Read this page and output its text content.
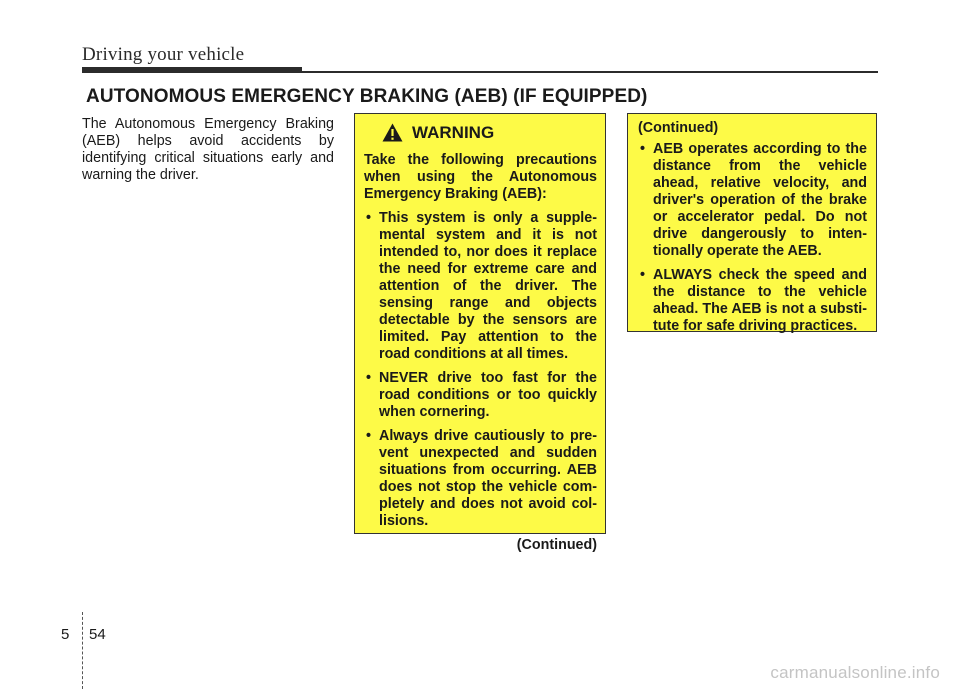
Driving your vehicle
AUTONOMOUS EMERGENCY BRAKING (AEB) (IF EQUIPPED)

The Autonomous Emergency Braking (AEB) helps avoid accidents by identifying critical situations early and warning the driver.

WARNING

Take the following precautions when using the Autonomous Emergency Braking (AEB):

• This system is only a supple-mental system and it is not intended to, nor does it replace the need for extreme care and attention of the driver. The sensing range and objects detectable by the sensors are limited. Pay attention to the road conditions at all times.
• NEVER drive too fast for the road conditions or too quickly when cornering.
• Always drive cautiously to pre-vent unexpected and sudden situations from occurring. AEB does not stop the vehicle com-pletely and does not avoid col-lisions.
(Continued)
(Continued)
• AEB operates according to the distance from the vehicle ahead, relative velocity, and driver's operation of the brake or accelerator pedal. Do not drive dangerously to inten-tionally operate the AEB.
• ALWAYS check the speed and the distance to the vehicle ahead. The AEB is not a substi-tute for safe driving practices.
5 54
carmanualsonline.info
